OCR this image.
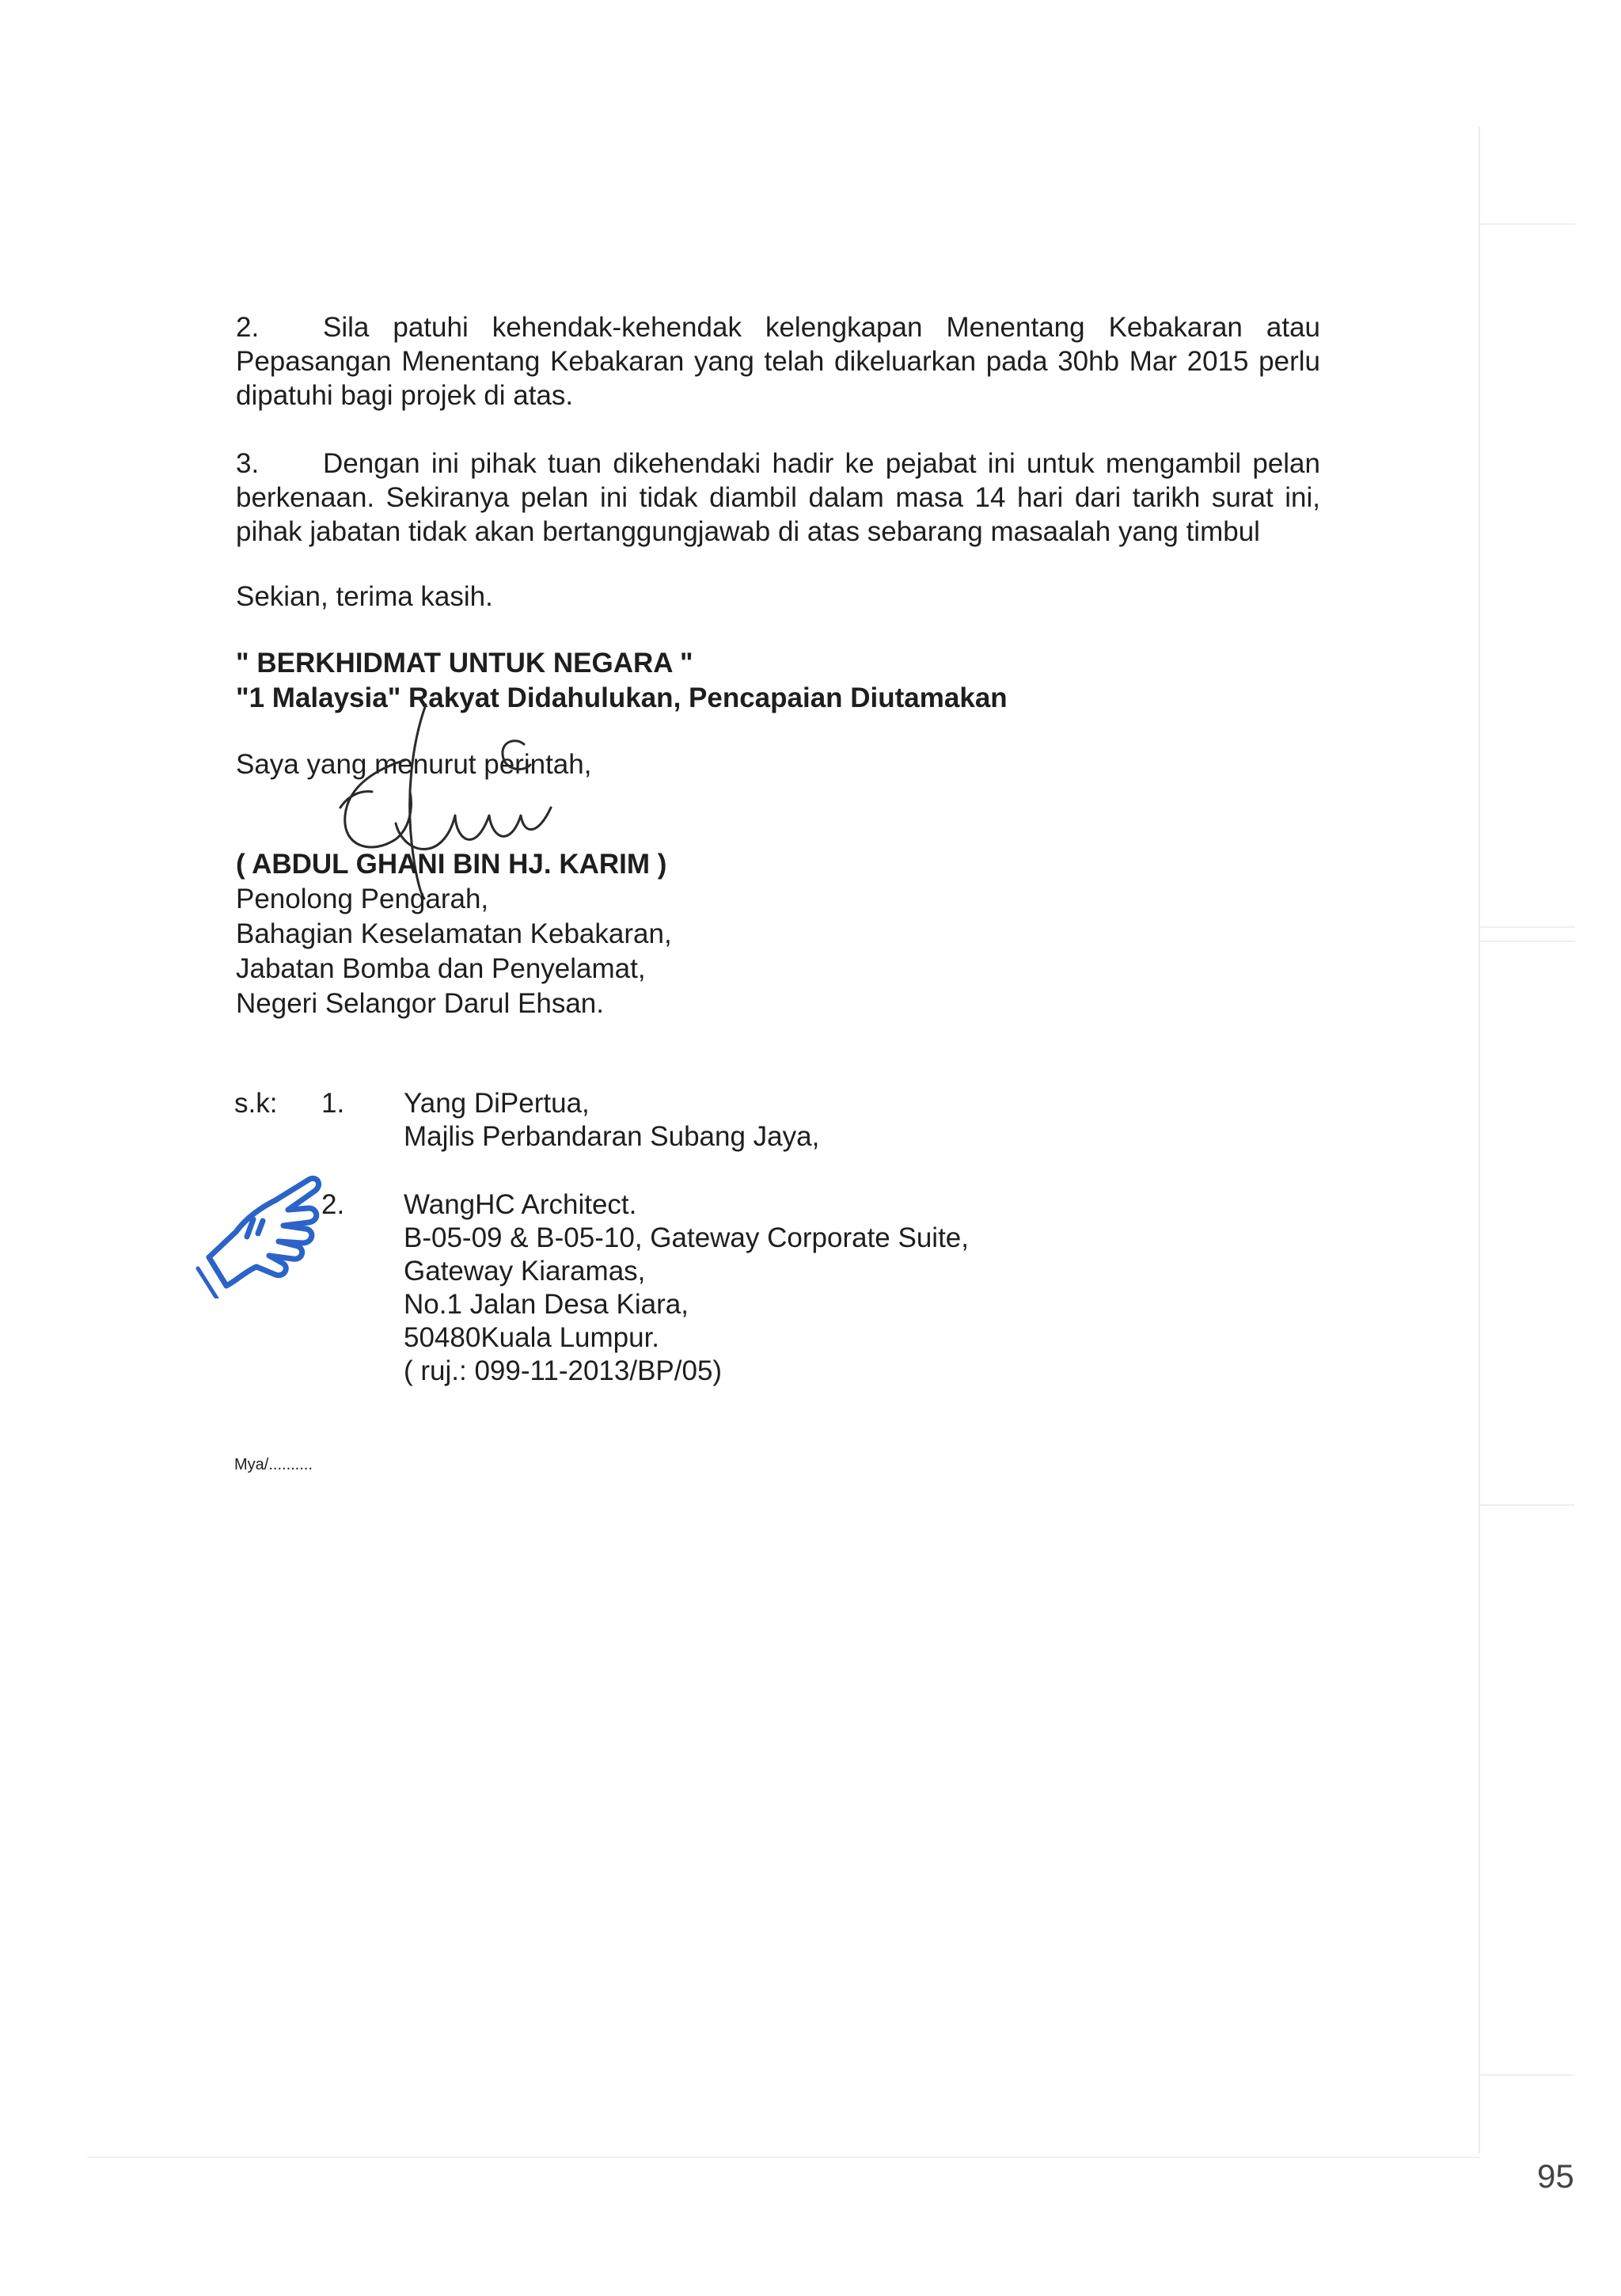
2. Sila patuhi kehendak-kehendak kelengkapan Menentang Kebakaran atau Pepasangan Menentang Kebakaran yang telah dikeluarkan pada 30hb Mar 2015 perlu dipatuhi bagi projek di atas.

3. Dengan ini pihak tuan dikehendaki hadir ke pejabat ini untuk mengambil pelan berkenaan. Sekiranya pelan ini tidak diambil dalam masa 14 hari dari tarikh surat ini, pihak jabatan tidak akan bertanggungjawab di atas sebarang masaalah yang timbul

Sekian, terima kasih.

" BERKHIDMAT UNTUK NEGARA "
"1 Malaysia" Rakyat Didahulukan, Pencapaian Diutamakan
Saya yang menurut perintah,
( ABDUL GHANI BIN HJ. KARIM )
Penolong Pengarah,
Bahagian Keselamatan Kebakaran,
Jabatan Bomba dan Penyelamat,
Negeri Selangor Darul Ehsan.
s.k: 1. Yang DiPertua,
Majlis Perbandaran Subang Jaya,
2. WangHC Architect.
B-05-09 & B-05-10, Gateway Corporate Suite,
Gateway Kiaramas,
No.1 Jalan Desa Kiara,
50480Kuala Lumpur.
( ruj.: 099-11-2013/BP/05)
Mya/..........
95
